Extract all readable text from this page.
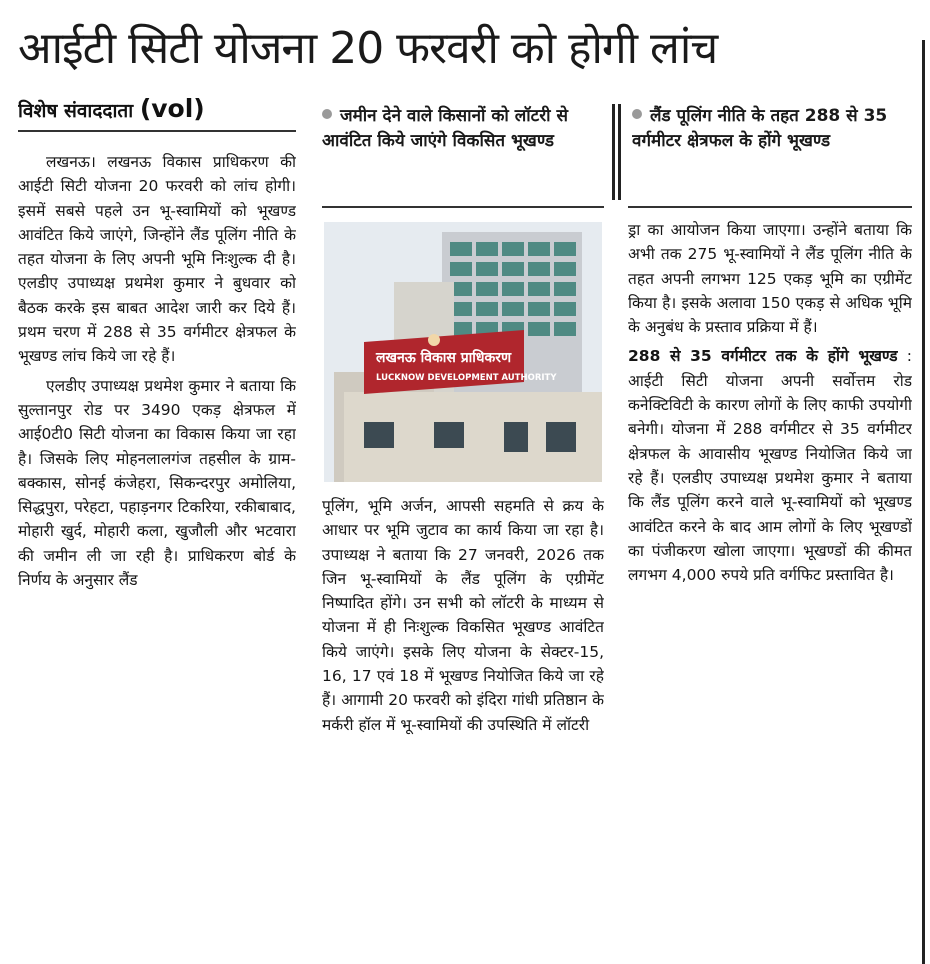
आईटी सिटी योजना 20 फरवरी को होगी लांच
विशेष संवाददाता (vol)

लखनऊ। लखनऊ विकास प्राधिकरण की आईटी सिटी योजना 20 फरवरी को लांच होगी। इसमें सबसे पहले उन भू-स्वामियों को भूखण्ड आवंटित किये जाएंगे, जिन्होंने लैंड पूलिंग नीति के तहत योजना के लिए अपनी भूमि निःशुल्क दी है। एलडीए उपाध्यक्ष प्रथमेश कुमार ने बुधवार को बैठक करके इस बाबत आदेश जारी कर दिये हैं। प्रथम चरण में 288 से 35 वर्गमीटर क्षेत्रफल के भूखण्ड लांच किये जा रहे हैं।

एलडीए उपाध्यक्ष प्रथमेश कुमार ने बताया कि सुल्तानपुर रोड पर 3490 एकड़ क्षेत्रफल में आई0टी0 सिटी योजना का विकास किया जा रहा है। जिसके लिए मोहनलालगंज तहसील के ग्राम-बक्कास, सोनई कंजेहरा, सिकन्दरपुर अमोलिया, सिद्धपुरा, परेहटा, पहाड़नगर टिकरिया, रकीबाबाद, मोहारी खुर्द, मोहारी कला, खुजौली और भटवारा की जमीन ली जा रही है। प्राधिकरण बोर्ड के निर्णय के अनुसार लैंड

जमीन देने वाले किसानों को लॉटरी से आवंटित किये जाएंगे विकसित भूखण्ड
लैंड पूलिंग नीति के तहत 288 से 35 वर्गमीटर क्षेत्रफल के होंगे भूखण्ड
लखनऊ विकास प्राधिकरण
LUCKNOW DEVELOPMENT AUTHORITY

पूलिंग, भूमि अर्जन, आपसी सहमति से क्रय के आधार पर भूमि जुटाव का कार्य किया जा रहा है। उपाध्यक्ष ने बताया कि 27 जनवरी, 2026 तक जिन भू-स्वामियों के लैंड पूलिंग के एग्रीमेंट निष्पादित होंगे। उन सभी को लॉटरी के माध्यम से योजना में ही निःशुल्क विकसित भूखण्ड आवंटित किये जाएंगे। इसके लिए योजना के सेक्टर-15, 16, 17 एवं 18 में भूखण्ड नियोजित किये जा रहे हैं। आगामी 20 फरवरी को इंदिरा गांधी प्रतिष्ठान के मर्करी हॉल में भू-स्वामियों की उपस्थिति में लॉटरी

ड्रा का आयोजन किया जाएगा। उन्होंने बताया कि अभी तक 275 भू-स्वामियों ने लैंड पूलिंग नीति के तहत अपनी लगभग 125 एकड़ भूमि का एग्रीमेंट किया है। इसके अलावा 150 एकड़ से अधिक भूमि के अनुबंध के प्रस्ताव प्रक्रिया में हैं।

288 से 35 वर्गमीटर तक के होंगे भूखण्ड : आईटी सिटी योजना अपनी सर्वोत्तम रोड कनेक्टिविटी के कारण लोगों के लिए काफी उपयोगी बनेगी। योजना में 288 वर्गमीटर से 35 वर्गमीटर क्षेत्रफल के आवासीय भूखण्ड नियोजित किये जा रहे हैं। एलडीए उपाध्यक्ष प्रथमेश कुमार ने बताया कि लैंड पूलिंग करने वाले भू-स्वामियों को भूखण्ड आवंटित करने के बाद आम लोगों के लिए भूखण्डों का पंजीकरण खोला जाएगा। भूखण्डों की कीमत लगभग 4,000 रुपये प्रति वर्गफिट प्रस्तावित है।
